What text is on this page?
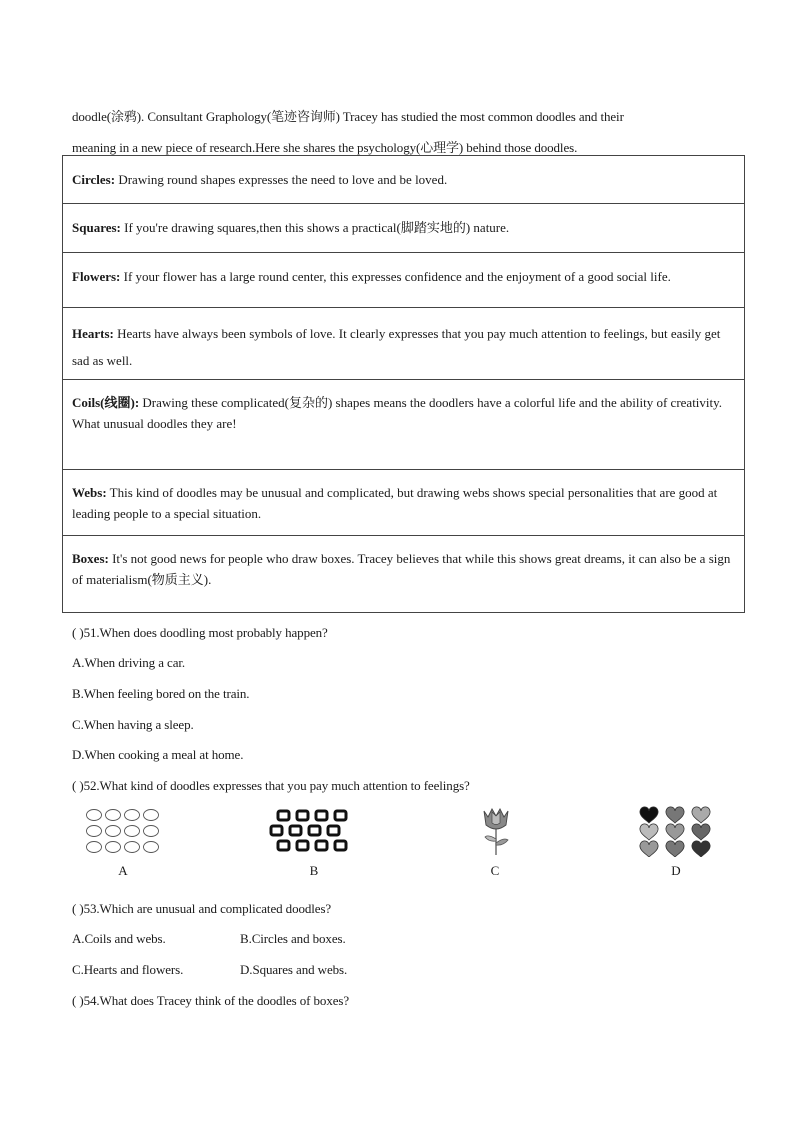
doodle(涂鸦). Consultant Graphology(笔迹咨询师) Tracey has studied the most common doodles and their
meaning in a new piece of research.Here she shares the psychology(心理学) behind those doodles.
Circles: Drawing round shapes expresses the need to love and be loved.
Squares: If you're drawing squares,then this shows a practical(脚踏实地的) nature.
Flowers: If your flower has a large round center, this expresses confidence and the enjoyment of a good social life.
Hearts: Hearts have always been symbols of love. It clearly expresses that you pay much attention to feelings, but easily get sad as well.
Coils(线圈): Drawing these complicated(复杂的) shapes means the doodlers have a colorful life and the ability of creativity. What unusual doodles they are!
Webs: This kind of doodles may be unusual and complicated, but drawing webs shows special personalities that are good at leading people to a special situation.
Boxes: It's not good news for people who draw boxes. Tracey believes that while this shows great dreams, it can also be a sign of materialism(物质主义).
( )51.When does doodling most probably happen?
A.When driving a car.
B.When feeling bored on the train.
C.When having a sleep.
D.When cooking a meal at home.
( )52.What kind of doodles expresses that you pay much attention to feelings?
A	B	C	D
( )53.Which are unusual and complicated doodles?
A.Coils and webs.	B.Circles and boxes.
C.Hearts and flowers.	D.Squares and webs.
( )54.What does Tracey think of the doodles of boxes?
